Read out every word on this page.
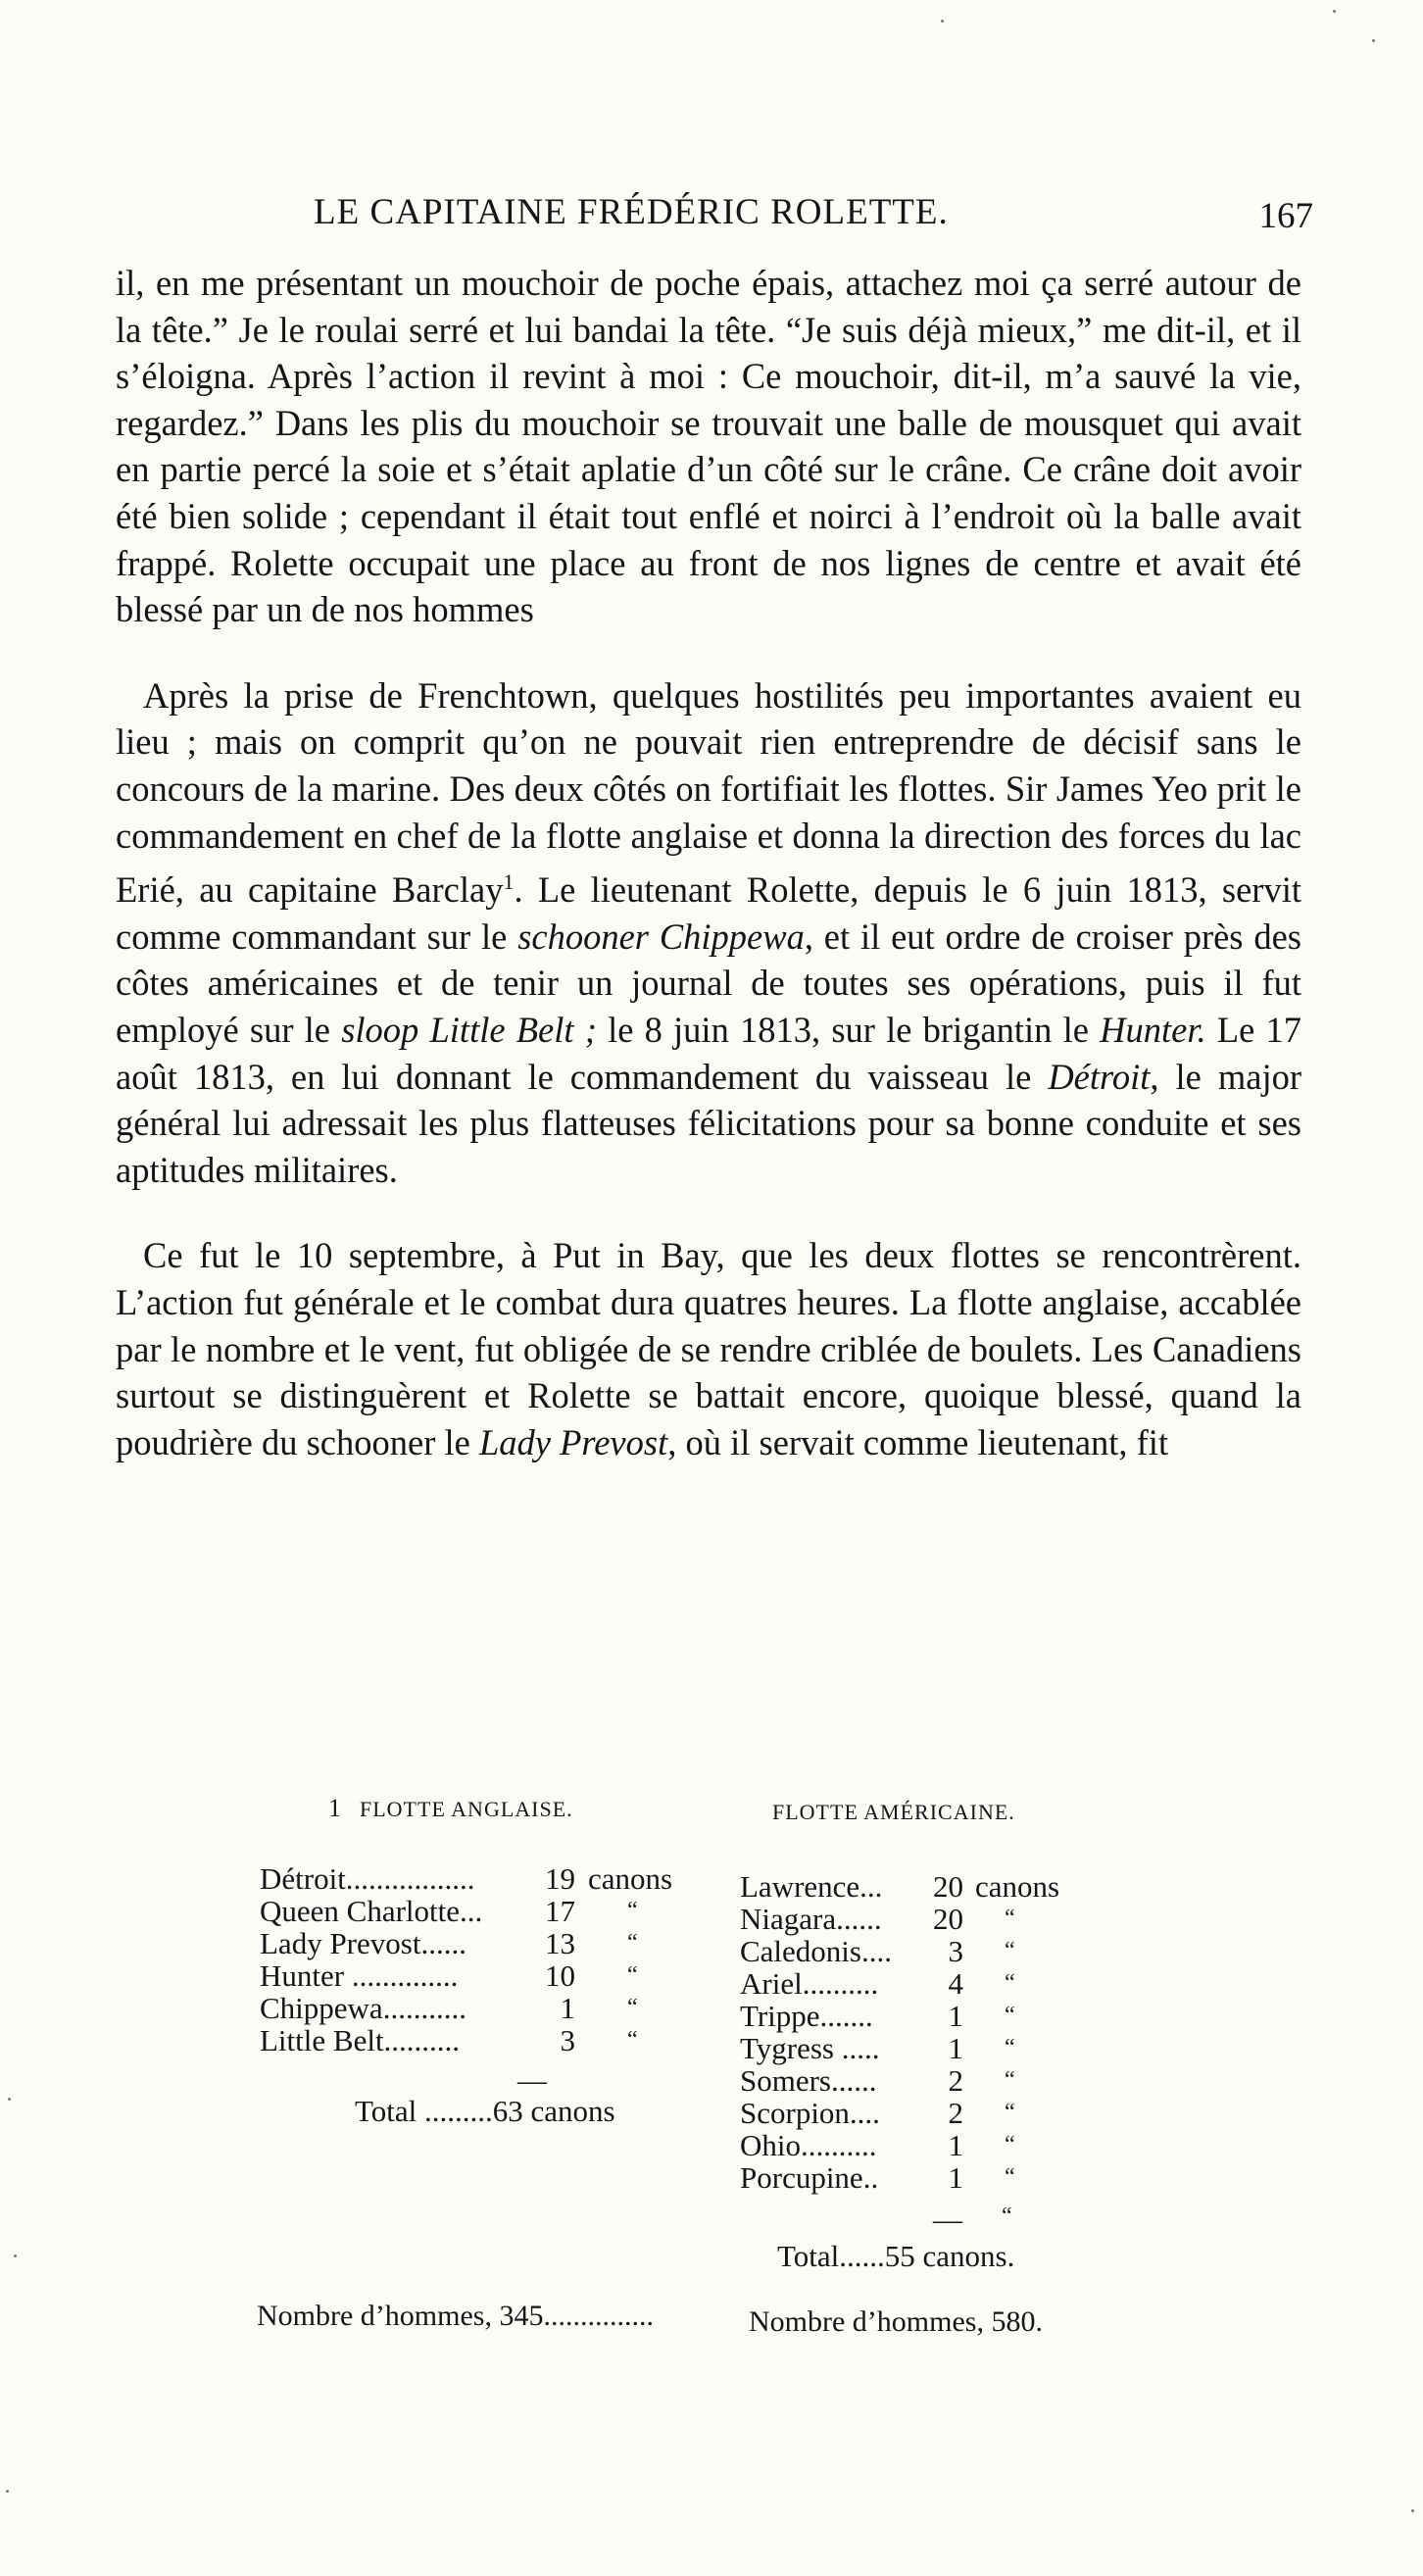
LE CAPITAINE FRÉDÉRIC ROLETTE.	167

il, en me présentant un mouchoir de poche épais, attachez moi ça serré autour de la tête.” Je le roulai serré et lui bandai la tête. “Je suis déjà mieux,” me dit-il, et il s’éloigna. Après l’action il revint à moi : Ce mouchoir, dit-il, m’a sauvé la vie, regardez.” Dans les plis du mouchoir se trouvait une balle de mousquet qui avait en partie percé la soie et s’était aplatie d’un côté sur le crâne. Ce crâne doit avoir été bien solide ; cependant il était tout enflé et noirci à l’endroit où la balle avait frappé. Rolette occupait une place au front de nos lignes de centre et avait été blessé par un de nos hommes

Après la prise de Frenchtown, quelques hostilités peu importantes avaient eu lieu ; mais on comprit qu’on ne pouvait rien entreprendre de décisif sans le concours de la marine. Des deux côtés on fortifiait les flottes. Sir James Yeo prit le commandement en chef de la flotte anglaise et donna la direction des forces du lac Erié, au capitaine Barclay$^1$. Le lieutenant Rolette, depuis le 6 juin 1813, servit comme commandant sur le schooner Chippewa, et il eut ordre de croiser près des côtes américaines et de tenir un journal de toutes ses opérations, puis il fut employé sur le sloop Little Belt ; le 8 juin 1813, sur le brigantin le Hunter. Le 17 août 1813, en lui donnant le commandement du vaisseau le Détroit, le major général lui adressait les plus flatteuses félicitations pour sa bonne conduite et ses aptitudes militaires.

Ce fut le 10 septembre, à Put in Bay, que les deux flottes se rencontrèrent. L’action fut générale et le combat dura quatres heures. La flotte anglaise, accablée par le nombre et le vent, fut obligée de se rendre criblée de boulets. Les Canadiens surtout se distinguèrent et Rolette se battait encore, quoique blessé, quand la poudrière du schooner le Lady Prevost, où il servait comme lieutenant, fit

1 FLOTTE ANGLAISE.	FLOTTE AMÉRICAINE.
Détroit.................	19 canons
Queen Charlotte...	17 “
Lady Prevost......	13 “
Hunter ..............	10 “
Chippewa...........	1 “
Little Belt..........	3 “
Lawrence... 20 canons
Niagara...... 20 “
Caledonis....	3 “
Ariel..........	4 “
Trippe.......	1 “
Tygress .....	1 “
Somers......	2 “
Scorpion....	2 “
Ohio..........	1 “
Porcupine..	1 “
—
Total .........63 canons
— “
Total......55 canons.
Nombre d’hommes, 345...............	Nombre d’hommes, 580.
